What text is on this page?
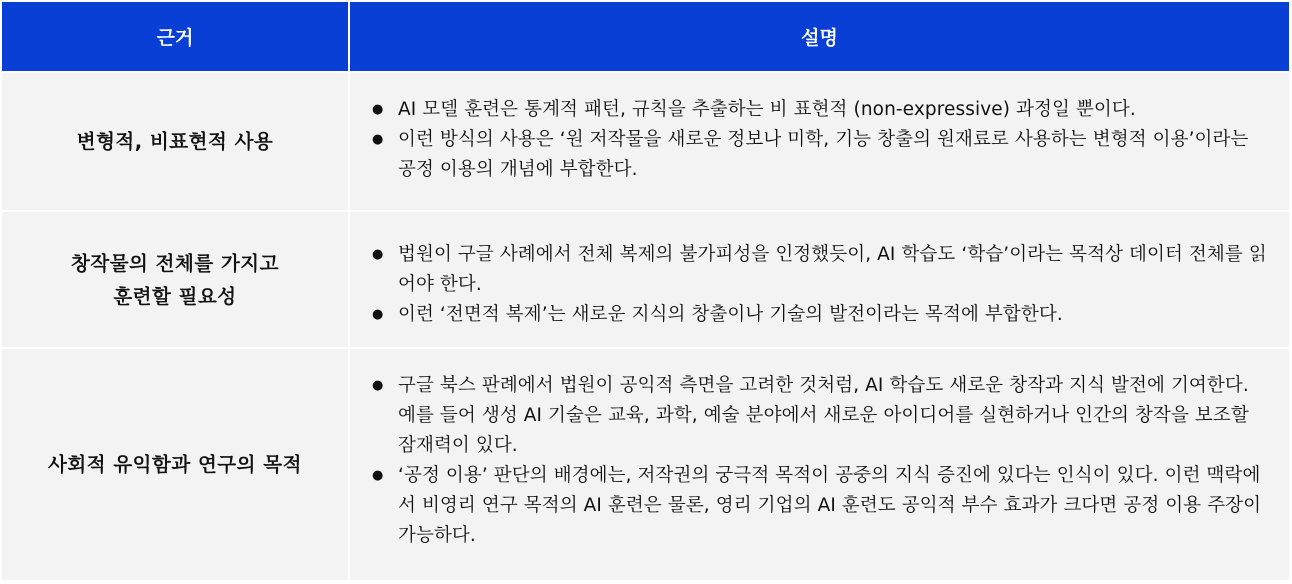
근거	설명
변형적, 비표현적 사용
● AI 모델 훈련은 통계적 패턴, 규칙을 추출하는 비 표현적 (non-expressive) 과정일 뿐이다.
● 이런 방식의 사용은 ‘원 저작물을 새로운 정보나 미학, 기능 창출의 원재료로 사용하는 변형적 이용’이라는 공정 이용의 개념에 부합한다.
창작물의 전체를 가지고
훈련할 필요성
● 법원이 구글 사례에서 전체 복제의 불가피성을 인정했듯이, AI 학습도 ‘학습’이라는 목적상 데이터 전체를 읽어야 한다.
● 이런 ‘전면적 복제’는 새로운 지식의 창출이나 기술의 발전이라는 목적에 부합한다.
사회적 유익함과 연구의 목적
● 구글 북스 판례에서 법원이 공익적 측면을 고려한 것처럼, AI 학습도 새로운 창작과 지식 발전에 기여한다. 예를 들어 생성 AI 기술은 교육, 과학, 예술 분야에서 새로운 아이디어를 실현하거나 인간의 창작을 보조할 잠재력이 있다.
● ‘공정 이용’ 판단의 배경에는, 저작권의 궁극적 목적이 공중의 지식 증진에 있다는 인식이 있다. 이런 맥락에서 비영리 연구 목적의 AI 훈련은 물론, 영리 기업의 AI 훈련도 공익적 부수 효과가 크다면 공정 이용 주장이 가능하다.
